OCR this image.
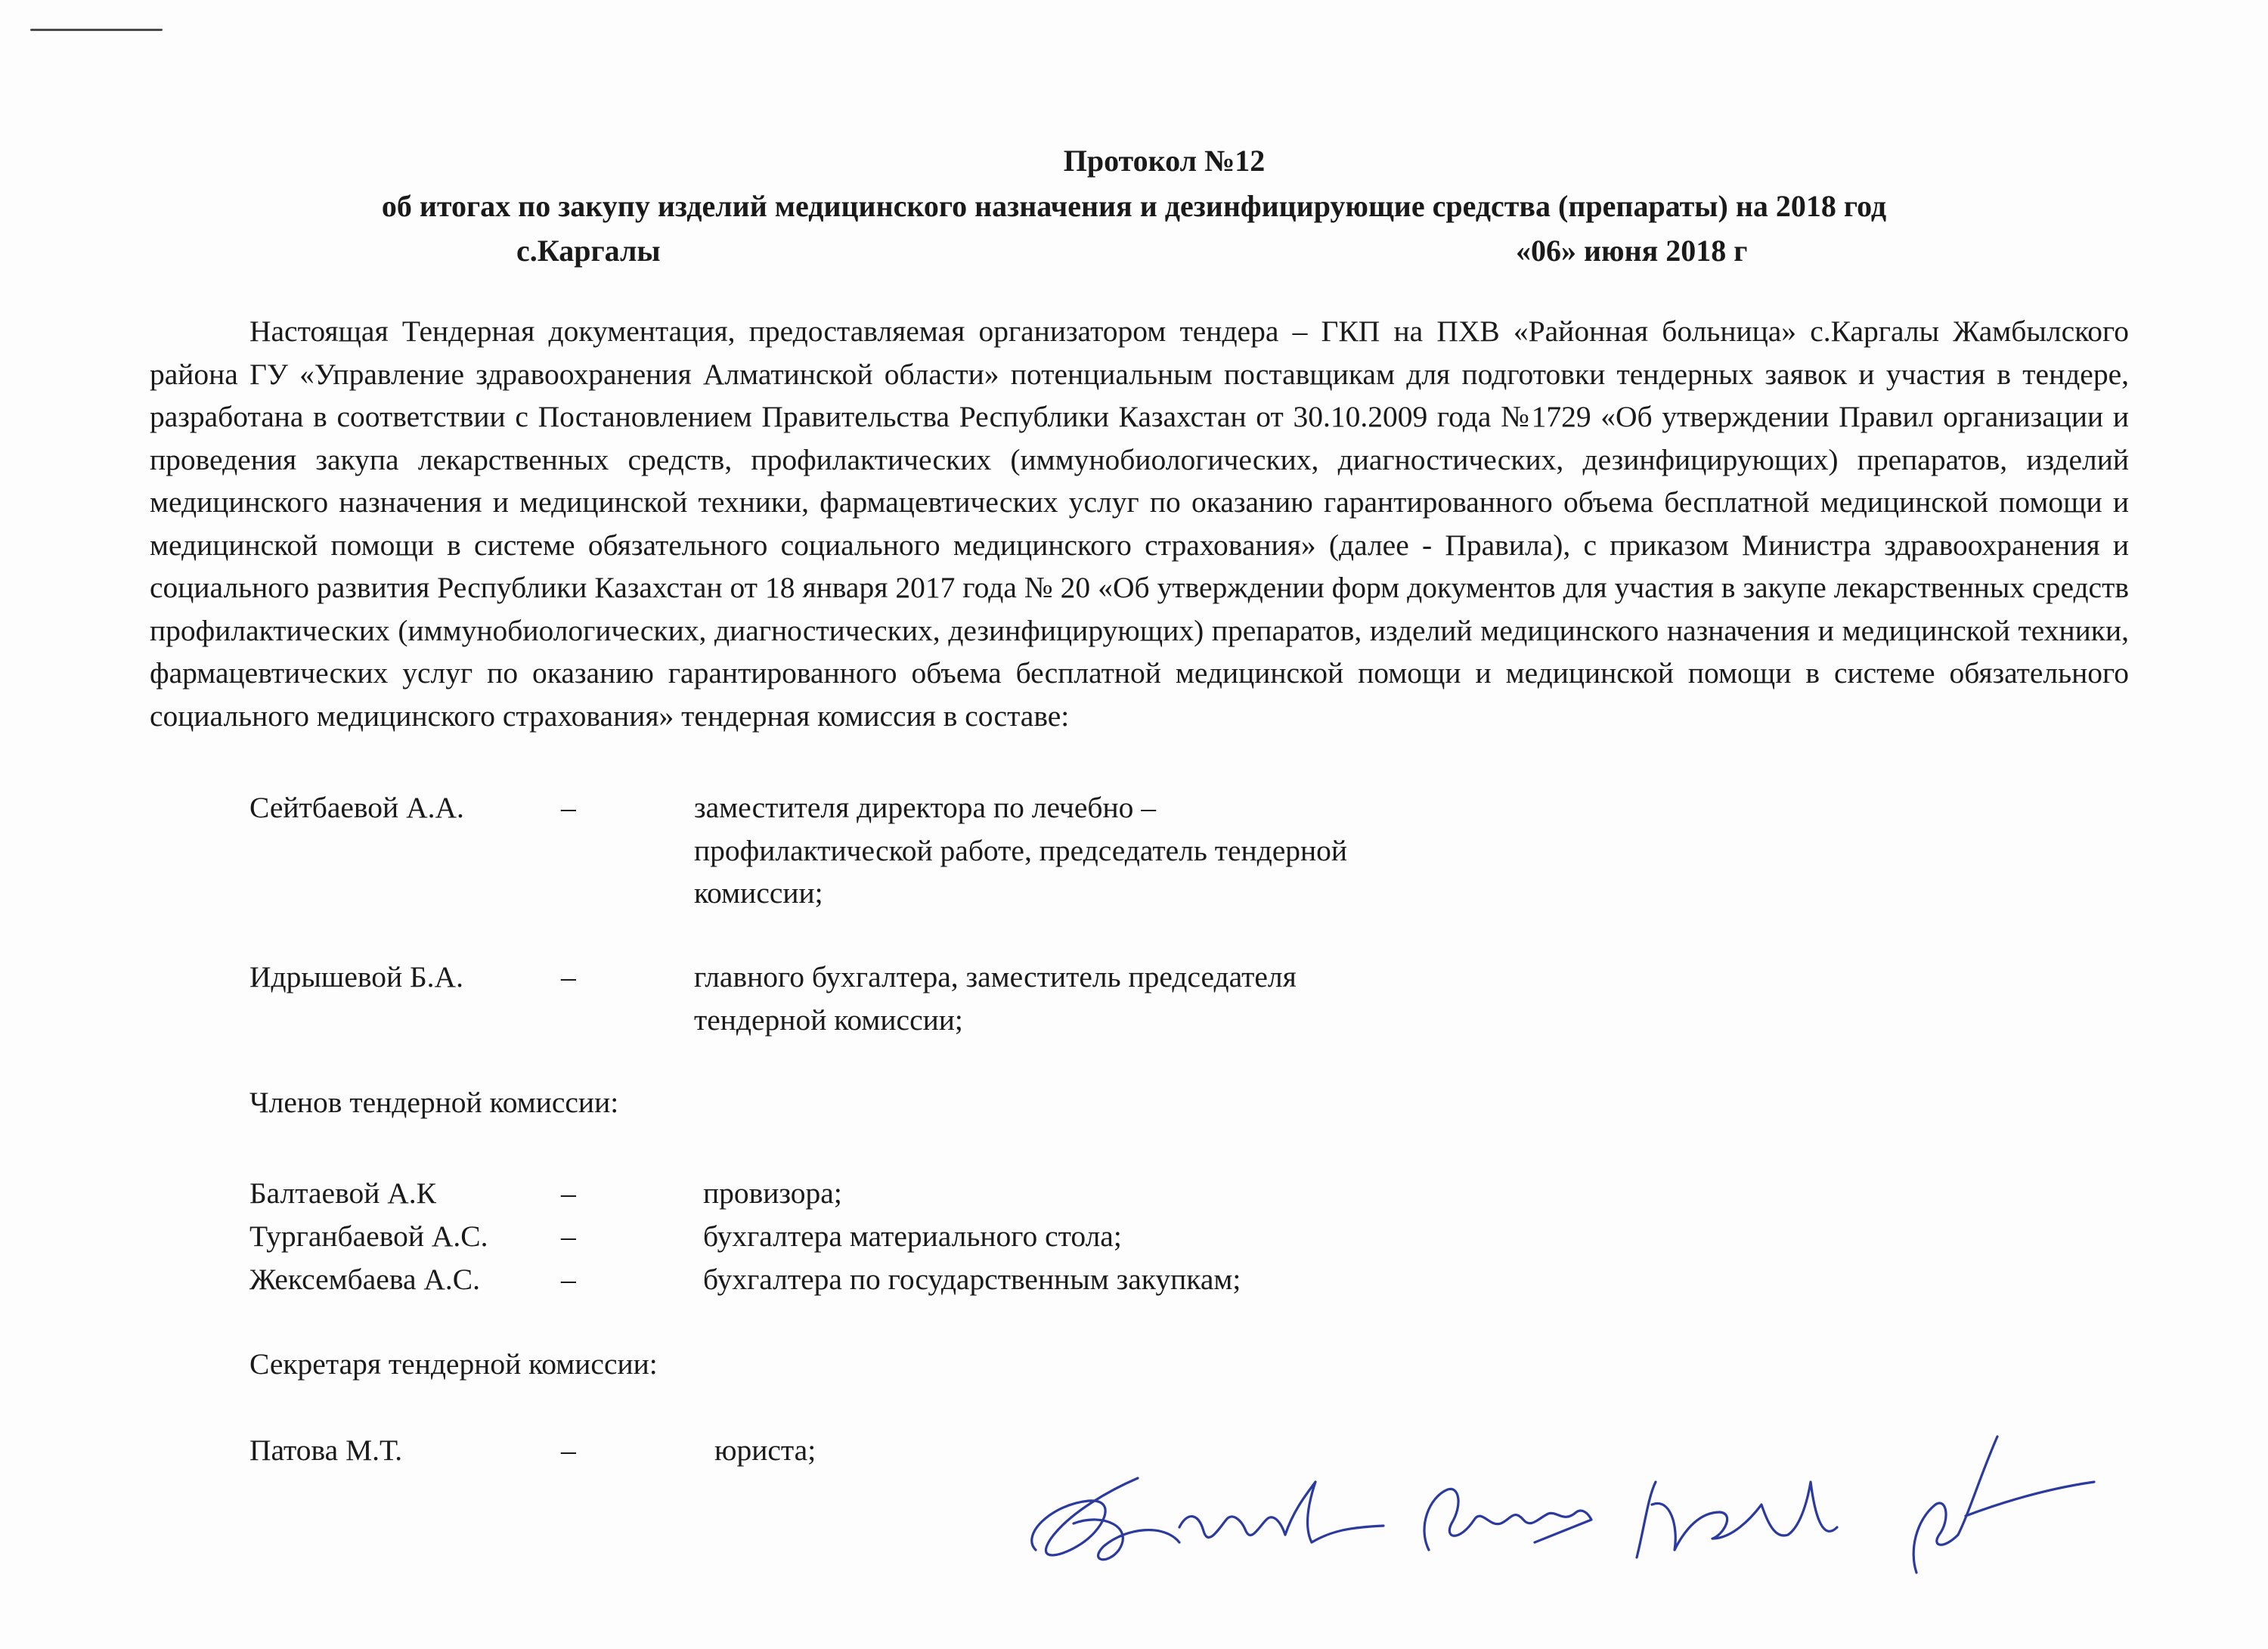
Протокол №12
об итогах по закупу изделий медицинского назначения и дезинфицирующие средства (препараты) на 2018 год
с.Каргалы	«06» июня 2018 г
Настоящая Тендерная документация, предоставляемая организатором тендера – ГКП на ПХВ «Районная больница» с.Каргалы Жамбылского района ГУ «Управление здравоохранения Алматинской области» потенциальным поставщикам для подготовки тендерных заявок и участия в тендере, разработана в соответствии с Постановлением Правительства Республики Казахстан от 30.10.2009 года №1729 «Об утверждении Правил организации и проведения закупа лекарственных средств, профилактических (иммунобиологических, диагностических, дезинфицирующих) препаратов, изделий медицинского назначения и медицинской техники, фармацевтических услуг по оказанию гарантированного объема бесплатной медицинской помощи и медицинской помощи в системе обязательного социального медицинского страхования» (далее - Правила), с приказом Министра здравоохранения и социального развития Республики Казахстан от 18 января 2017 года № 20 «Об утверждении форм документов для участия в закупе лекарственных средств профилактических (иммунобиологических, диагностических, дезинфицирующих) препаратов, изделий медицинского назначения и медицинской техники, фармацевтических услуг по оказанию гарантированного объема бесплатной медицинской помощи и медицинской помощи в системе обязательного социального медицинского страхования» тендерная комиссия в составе:
Сейтбаевой А.А.	–	заместителя директора по лечебно –
профилактической работе, председатель тендерной
комиссии;
Идрышевой Б.А.	–	главного бухгалтера, заместитель председателя
тендерной комиссии;
Членов тендерной комиссии:
Балтаевой А.К	–	провизора;
Турганбаевой А.С. –	бухгалтера материального стола;
Жексембаева А.С.	–	бухгалтера по государственным закупкам;
Секретаря тендерной комиссии:
Патова М.Т.	–	юриста;
